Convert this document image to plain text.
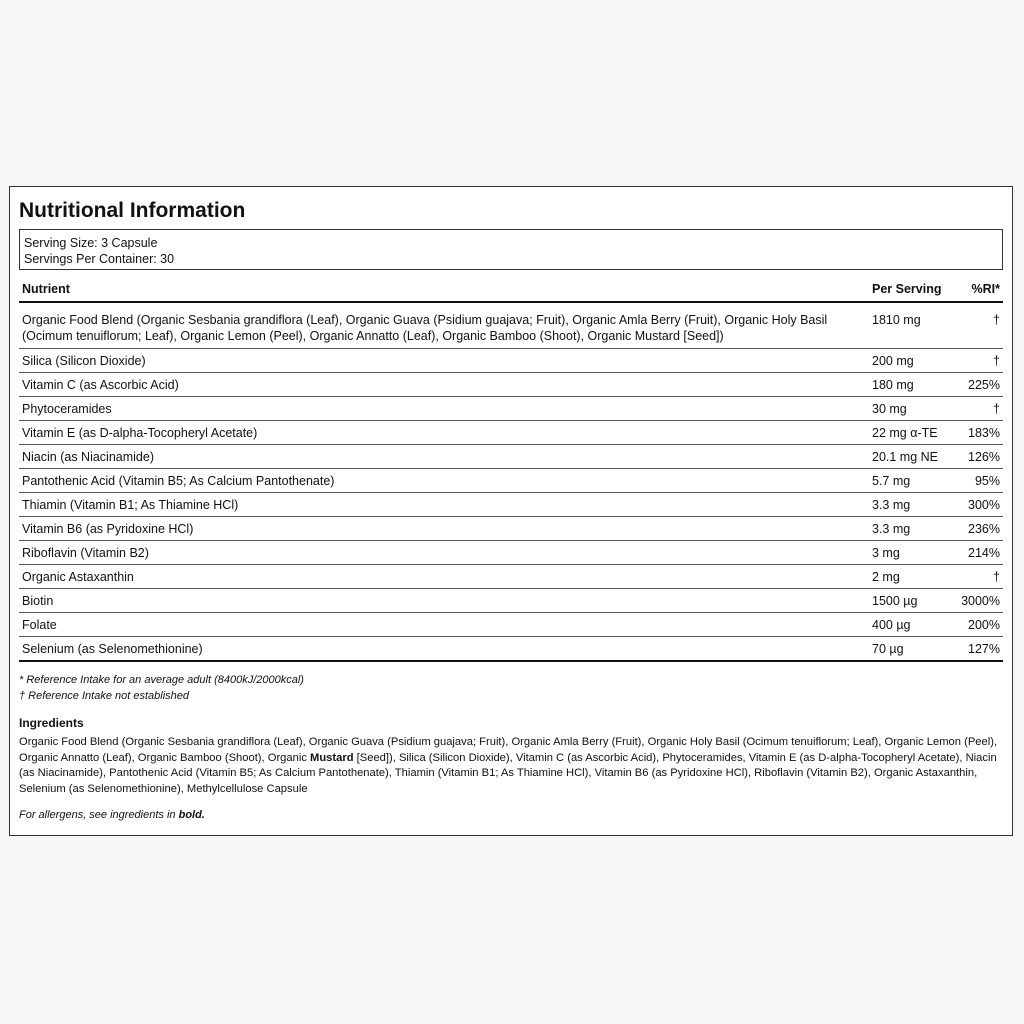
Nutritional Information
Serving Size: 3 Capsule
Servings Per Container: 30
Nutrient	Per Serving	%RI*
Organic Food Blend (Organic Sesbania grandiflora (Leaf), Organic Guava (Psidium guajava; Fruit), Organic Amla Berry (Fruit), Organic Holy Basil (Ocimum tenuiflorum; Leaf), Organic Lemon (Peel), Organic Annatto (Leaf), Organic Bamboo (Shoot), Organic Mustard [Seed])	1810 mg	†
Silica (Silicon Dioxide)	200 mg	†
Vitamin C (as Ascorbic Acid)	180 mg	225%
Phytoceramides	30 mg	†
Vitamin E (as D-alpha-Tocopheryl Acetate)	22 mg α-TE	183%
Niacin (as Niacinamide)	20.1 mg NE	126%
Pantothenic Acid (Vitamin B5; As Calcium Pantothenate)	5.7 mg	95%
Thiamin (Vitamin B1; As Thiamine HCl)	3.3 mg	300%
Vitamin B6 (as Pyridoxine HCl)	3.3 mg	236%
Riboflavin (Vitamin B2)	3 mg	214%
Organic Astaxanthin	2 mg	†
Biotin	1500 µg	3000%
Folate	400 µg	200%
Selenium (as Selenomethionine)	70 µg	127%
* Reference Intake for an average adult (8400kJ/2000kcal)
† Reference Intake not established
Ingredients
Organic Food Blend (Organic Sesbania grandiflora (Leaf), Organic Guava (Psidium guajava; Fruit), Organic Amla Berry (Fruit), Organic Holy Basil (Ocimum tenuiflorum; Leaf), Organic Lemon (Peel), Organic Annatto (Leaf), Organic Bamboo (Shoot), Organic Mustard [Seed]), Silica (Silicon Dioxide), Vitamin C (as Ascorbic Acid), Phytoceramides, Vitamin E (as D-alpha-Tocopheryl Acetate), Niacin (as Niacinamide), Pantothenic Acid (Vitamin B5; As Calcium Pantothenate), Thiamin (Vitamin B1; As Thiamine HCl), Vitamin B6 (as Pyridoxine HCl), Riboflavin (Vitamin B2), Organic Astaxanthin, Selenium (as Selenomethionine), Methylcellulose Capsule
For allergens, see ingredients in bold.
